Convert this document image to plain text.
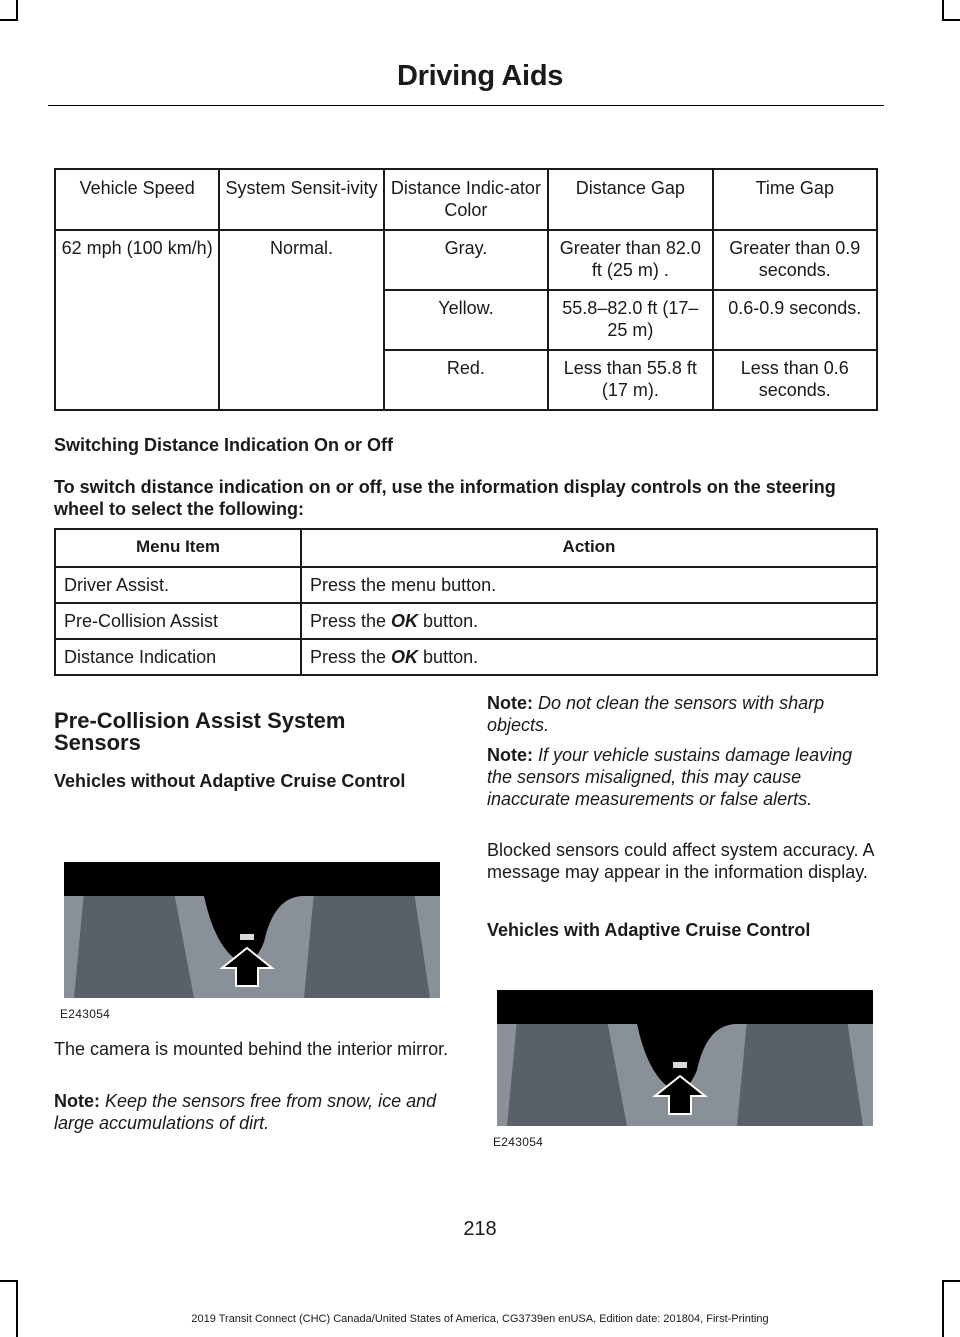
Driving Aids
Vehicle Speed	System Sensit-ivity	Distance Indic-ator Color	Distance Gap	Time Gap
62 mph (100 km/h)	Normal.	Gray.	Greater than 82.0 ft (25 m) .	Greater than 0.9 seconds.
		Yellow.	55.8–82.0 ft (17–25 m)	0.6-0.9 seconds.
		Red.	Less than 55.8 ft (17 m).	Less than 0.6 seconds.
Switching Distance Indication On or Off
To switch distance indication on or off, use the information display controls on the steering wheel to select the following:
Menu Item	Action
Driver Assist.	Press the menu button.
Pre-Collision Assist	Press the OK button.
Distance Indication	Press the OK button.
Pre-Collision Assist System Sensors
Vehicles without Adaptive Cruise Control
E243054
The camera is mounted behind the interior mirror.
Note: Keep the sensors free from snow, ice and large accumulations of dirt.
Note: Do not clean the sensors with sharp objects.
Note: If your vehicle sustains damage leaving the sensors misaligned, this may cause inaccurate measurements or false alerts.
Blocked sensors could affect system accuracy. A message may appear in the information display.
Vehicles with Adaptive Cruise Control
E243054
218
2019 Transit Connect (CHC) Canada/United States of America, CG3739en enUSA, Edition date: 201804, First-Printing
